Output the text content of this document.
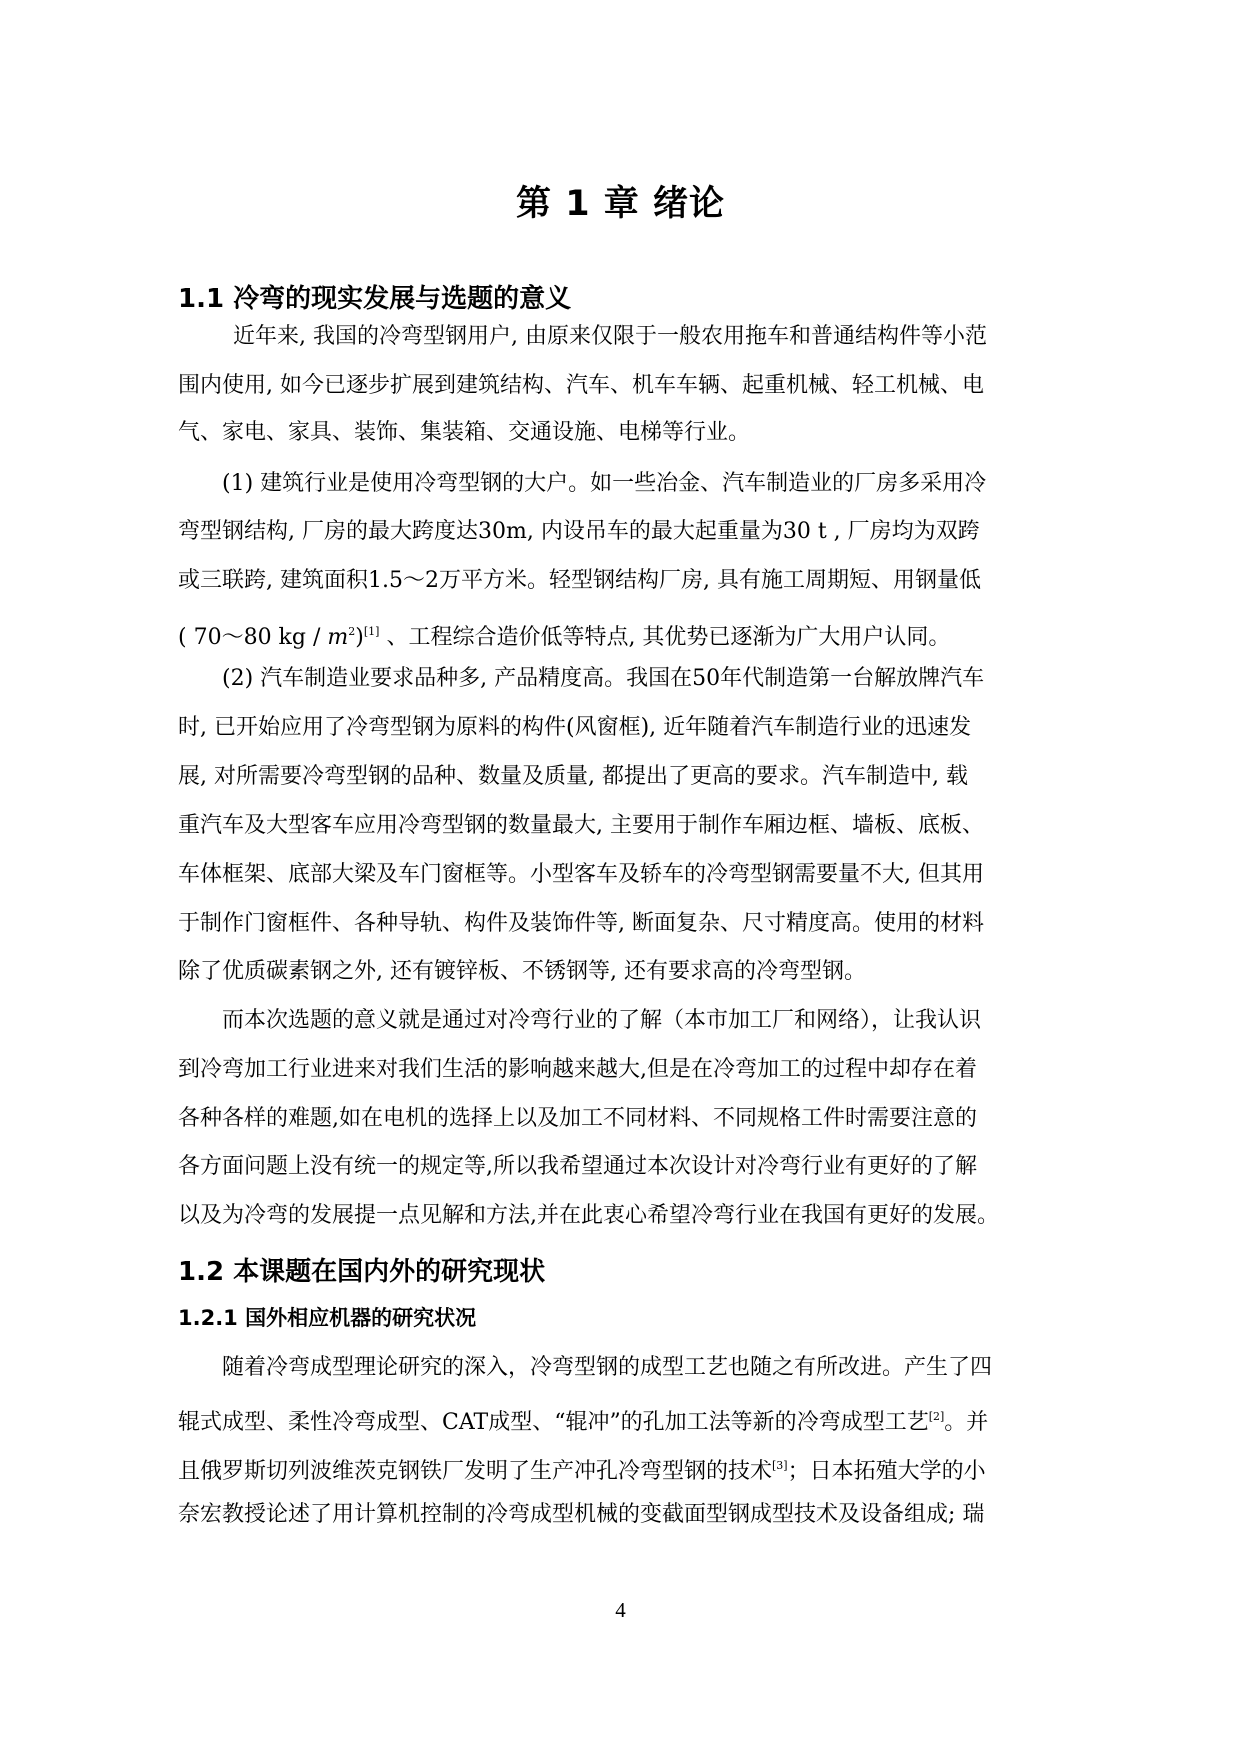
第 1 章 绪论
1.1 冷弯的现实发展与选题的意义
近年来, 我国的冷弯型钢用户, 由原来仅限于一般农用拖车和普通结构件等小范
围内使用, 如今已逐步扩展到建筑结构、汽车、机车车辆、起重机械、轻工机械、电
气、家电、家具、装饰、集装箱、交通设施、电梯等行业。
(1) 建筑行业是使用冷弯型钢的大户。如一些冶金、汽车制造业的厂房多采用冷
弯型钢结构, 厂房的最大跨度达30m, 内设吊车的最大起重量为30 t , 厂房均为双跨
或三联跨, 建筑面积1.5～2万平方米。轻型钢结构厂房, 具有施工周期短、用钢量低
( 70～80 kg / $m^2)[1]$ 、工程综合造价低等特点, 其优势已逐渐为广大用户认同。
(2) 汽车制造业要求品种多, 产品精度高。我国在50年代制造第一台解放牌汽车
时, 已开始应用了冷弯型钢为原料的构件(风窗框), 近年随着汽车制造行业的迅速发
展, 对所需要冷弯型钢的品种、数量及质量, 都提出了更高的要求。汽车制造中, 载
重汽车及大型客车应用冷弯型钢的数量最大, 主要用于制作车厢边框、墙板、底板、
车体框架、底部大梁及车门窗框等。小型客车及轿车的冷弯型钢需要量不大, 但其用
于制作门窗框件、各种导轨、构件及装饰件等, 断面复杂、尺寸精度高。使用的材料
除了优质碳素钢之外, 还有镀锌板、不锈钢等, 还有要求高的冷弯型钢。
而本次选题的意义就是通过对冷弯行业的了解（本市加工厂和网络），让我认识
到冷弯加工行业进来对我们生活的影响越来越大,但是在冷弯加工的过程中却存在着
各种各样的难题,如在电机的选择上以及加工不同材料、不同规格工件时需要注意的
各方面问题上没有统一的规定等,所以我希望通过本次设计对冷弯行业有更好的了解
以及为冷弯的发展提一点见解和方法,并在此衷心希望冷弯行业在我国有更好的发展。
1.2 本课题在国内外的研究现状
1.2.1 国外相应机器的研究状况
随着冷弯成型理论研究的深入，冷弯型钢的成型工艺也随之有所改进。产生了四
辊式成型、柔性冷弯成型、CAT成型、“辊冲”的孔加工法等新的冷弯成型工艺[2]。并
且俄罗斯切列波维茨克钢铁厂发明了生产冲孔冷弯型钢的技术[3]；日本拓殖大学的小
奈宏教授论述了用计算机控制的冷弯成型机械的变截面型钢成型技术及设备组成; 瑞
4
